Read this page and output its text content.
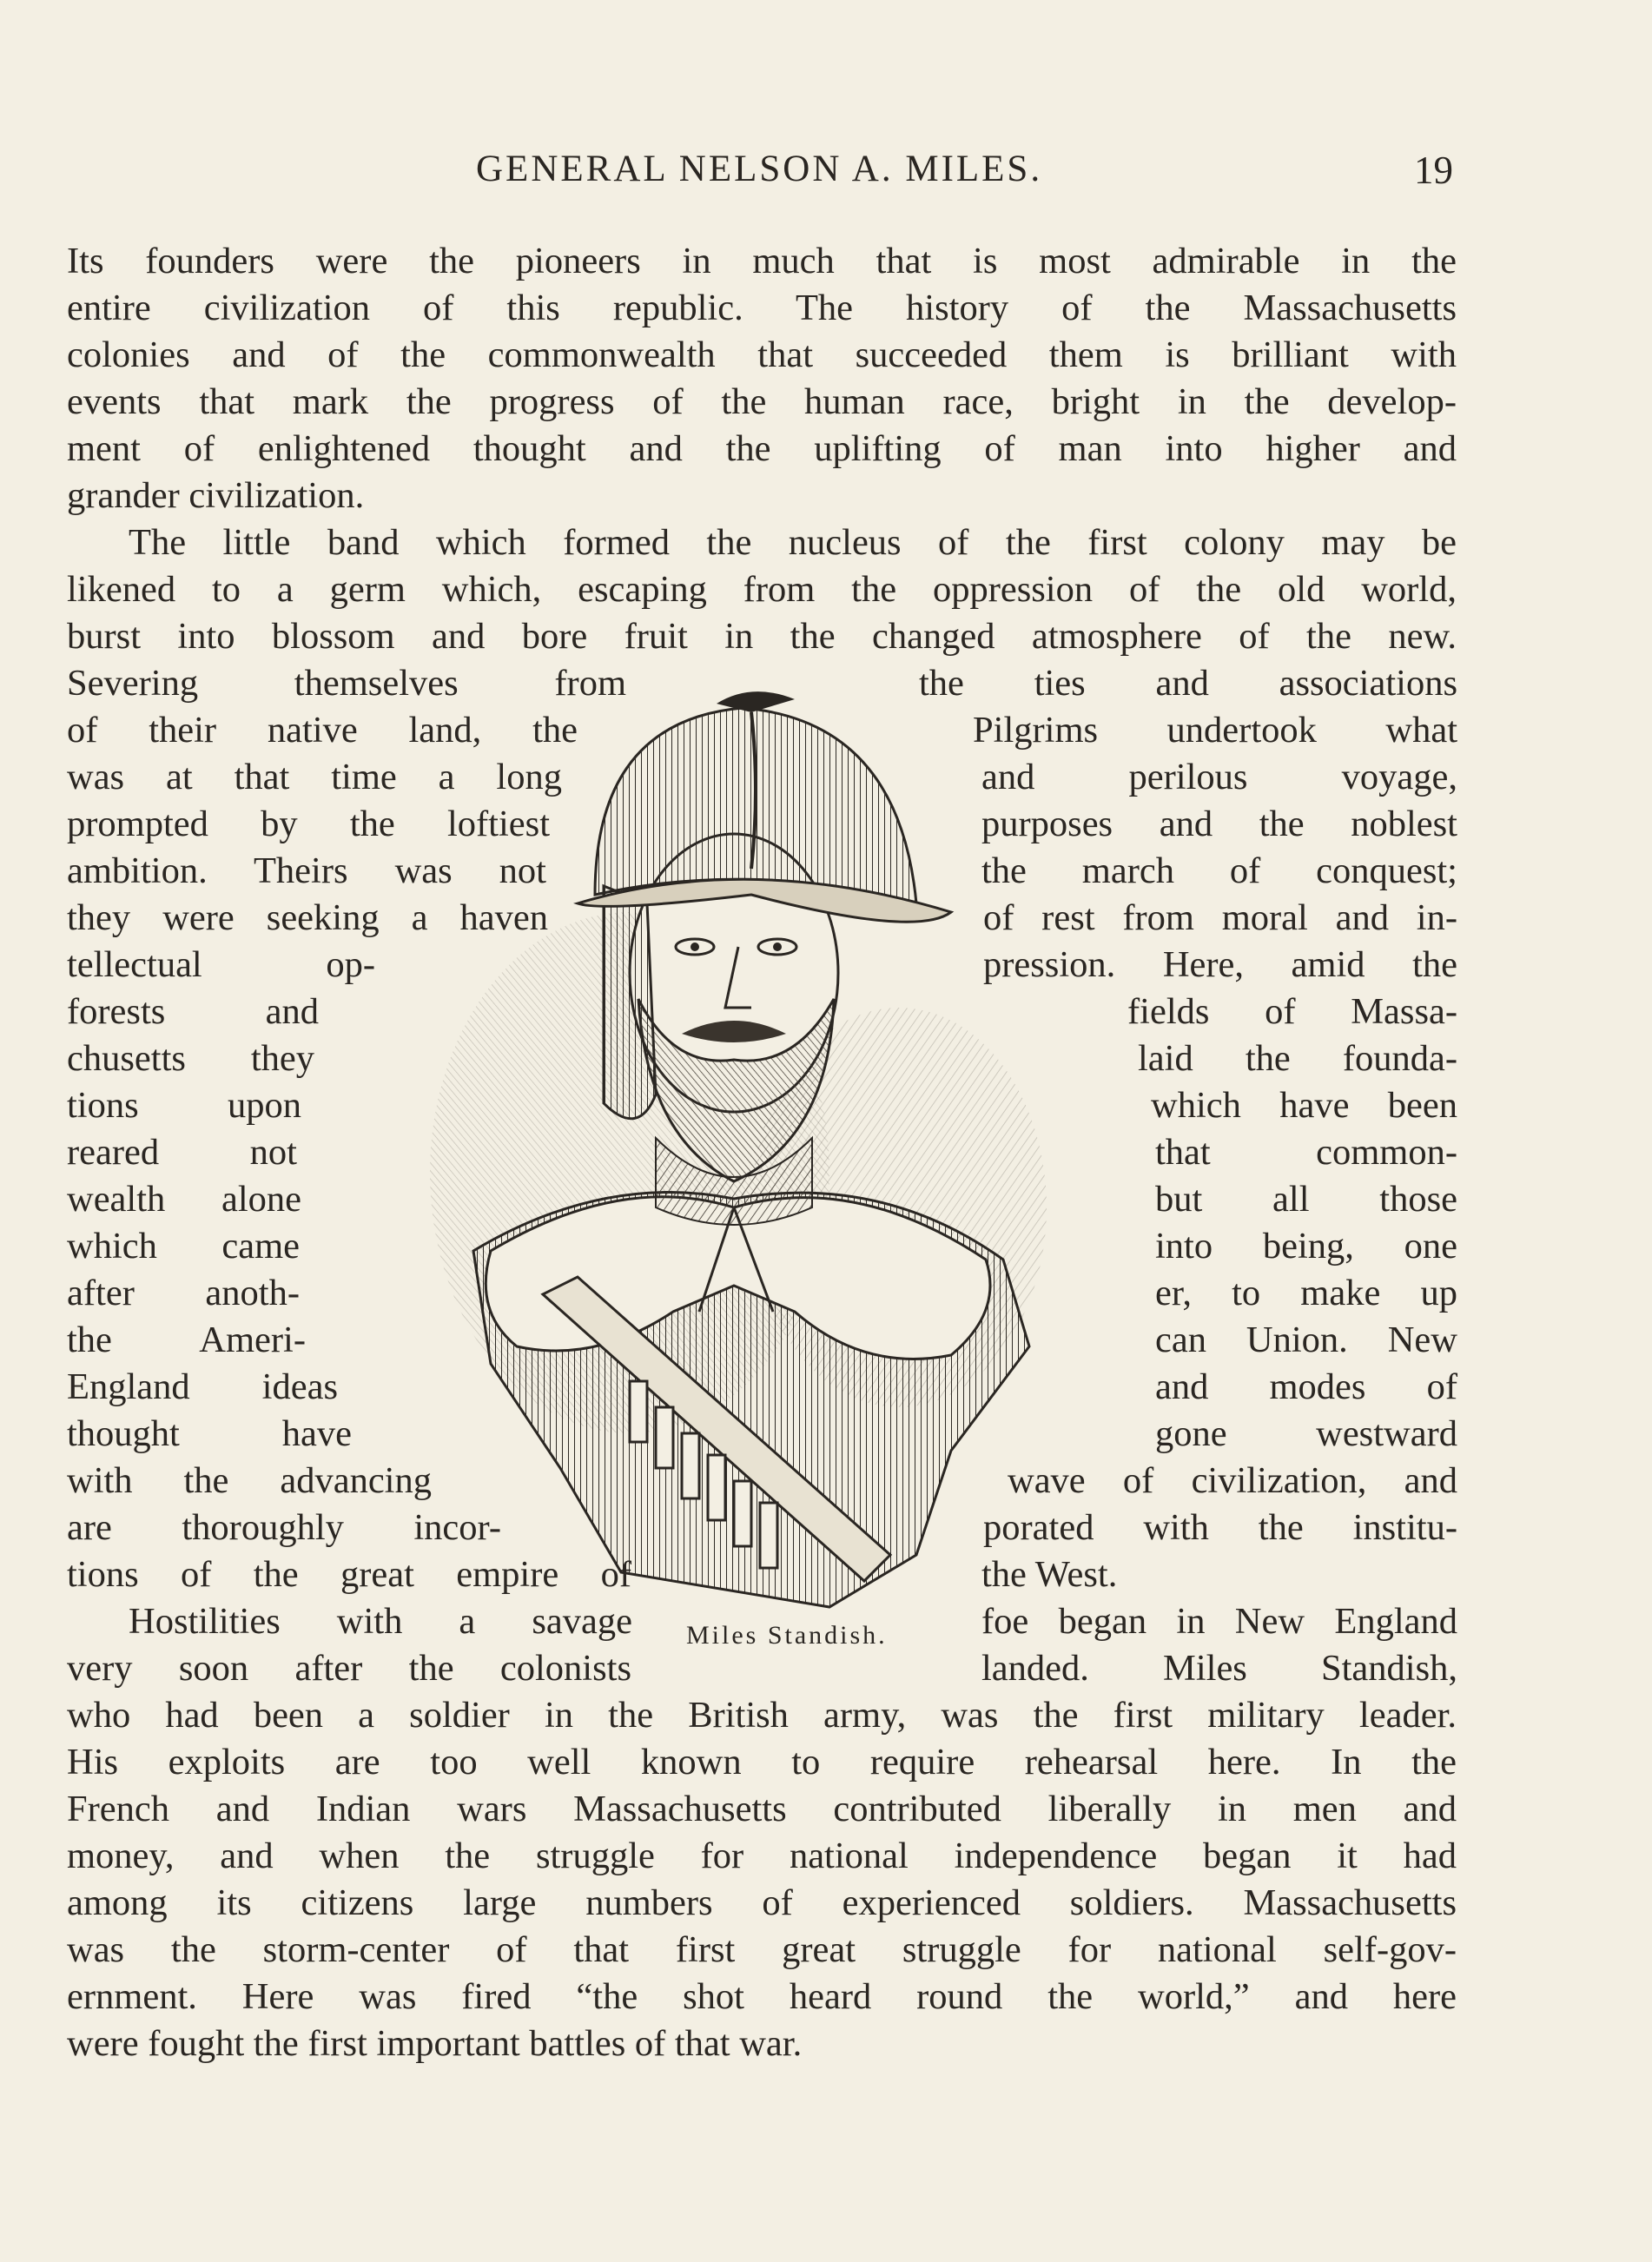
GENERAL NELSON A. MILES.	19
Its founders were the pioneers in much that is most admirable in the
entire civilization of this republic. The history of the Massachusetts
colonies and of the commonwealth that succeeded them is brilliant with
events that mark the progress of the human race, bright in the develop-
ment of enlightened thought and the uplifting of man into higher and
grander civilization.
The little band which formed the nucleus of the first colony may be
likened to a germ which, escaping from the oppression of the old world,
burst into blossom and bore fruit in the changed atmosphere of the new.
Severing themselves from
of their native land, the
was at that time a long
prompted by the loftiest
ambition. Theirs was not
they were seeking a haven
tellectual op-
forests and
chusetts they
tions upon
reared not
wealth alone
which came
after anoth-
the Ameri-
England ideas
thought have
with the advancing
are thoroughly incor-
tions of the great empire of
Hostilities with a savage
very soon after the colonists
the ties and associations
Pilgrims undertook what
and perilous voyage,
purposes and the noblest
the march of conquest;
of rest from moral and in-
pression. Here, amid the
fields of Massa-
laid the founda-
which have been
that common-
but all those
into being, one
er, to make up
can Union. New
and modes of
gone westward
wave of civilization, and
porated with the institu-
the West.
foe began in New England
landed. Miles Standish,
Miles Standish.
who had been a soldier in the British army, was the first military leader.
His exploits are too well known to require rehearsal here. In the
French and Indian wars Massachusetts contributed liberally in men and
money, and when the struggle for national independence began it had
among its citizens large numbers of experienced soldiers. Massachusetts
was the storm-center of that first great struggle for national self-gov-
ernment. Here was fired “the shot heard round the world,” and here
were fought the first important battles of that war.
